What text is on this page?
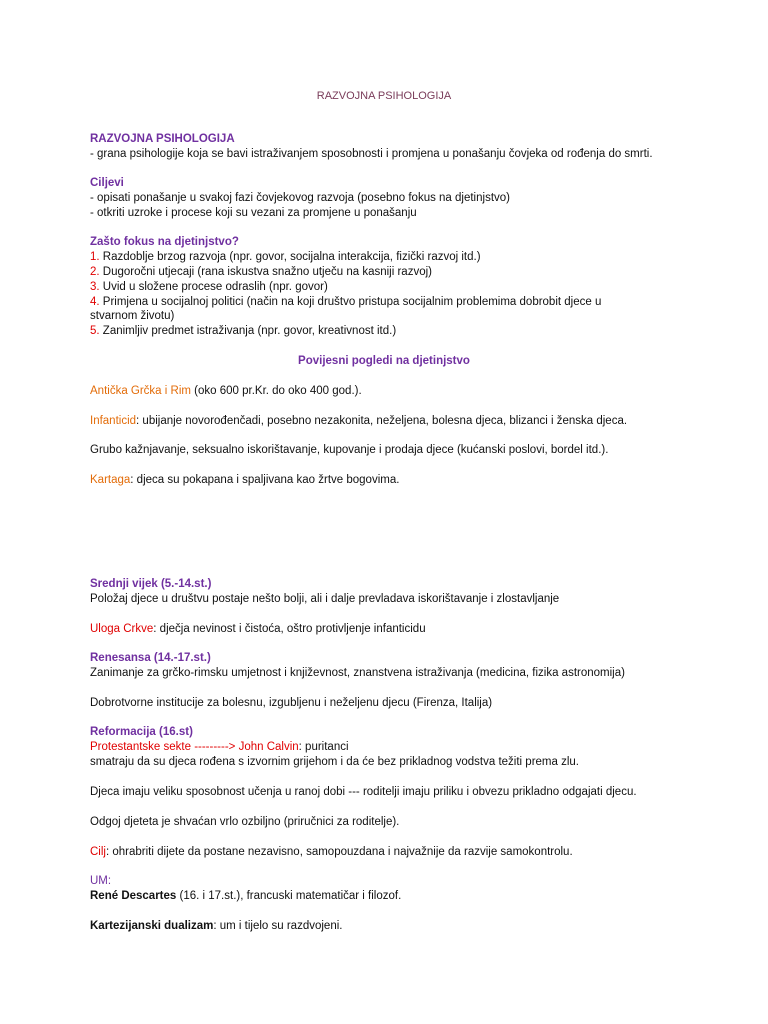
RAZVOJNA PSIHOLOGIJA
RAZVOJNA PSIHOLOGIJA
- grana psihologije koja se bavi istraživanjem sposobnosti i promjena u ponašanju čovjeka od rođenja do smrti.
Ciljevi
- opisati ponašanje u svakoj fazi čovjekovog razvoja (posebno fokus na djetinjstvo)
- otkriti uzroke i procese koji su vezani za promjene u ponašanju
Zašto fokus na djetinjstvo?
1. Razdoblje brzog razvoja (npr. govor, socijalna interakcija, fizički razvoj itd.)
2. Dugoročni utjecaji (rana iskustva snažno utječu na kasniji razvoj)
3. Uvid u složene procese odraslih (npr. govor)
4. Primjena u socijalnoj politici (način na koji društvo pristupa socijalnim problemima dobrobit djece u
stvarnom životu)
5. Zanimljiv predmet istraživanja (npr. govor, kreativnost itd.)
Povijesni pogledi na djetinjstvo
Antička Grčka i Rim (oko 600 pr.Kr. do oko 400 god.).
Infanticid: ubijanje novorođenčadi, posebno nezakonita, neželjena, bolesna djeca, blizanci i ženska djeca.
Grubo kažnjavanje, seksualno iskorištavanje, kupovanje i prodaja djece (kućanski poslovi, bordel itd.).
Kartaga: djeca su pokapana i spaljivana kao žrtve bogovima.
Srednji vijek (5.-14.st.)
Položaj djece u društvu postaje nešto bolji, ali i dalje prevladava iskorištavanje i zlostavljanje
Uloga Crkve: dječja nevinost i čistoća, oštro protivljenje infanticidu
Renesansa (14.-17.st.)
Zanimanje za grčko-rimsku umjetnost i književnost, znanstvena istraživanja (medicina, fizika astronomija)
Dobrotvorne institucije za bolesnu, izgubljenu i neželjenu djecu (Firenza, Italija)
Reformacija (16.st)
Protestantske sekte ---------> John Calvin: puritanci
smatraju da su djeca rođena s izvornim grijehom i da će bez prikladnog vodstva težiti prema zlu.
Djeca imaju veliku sposobnost učenja u ranoj dobi --- roditelji imaju priliku i obvezu prikladno odgajati djecu.
Odgoj djeteta je shvaćan vrlo ozbiljno (priručnici za roditelje).
Cilj: ohrabriti dijete da postane nezavisno, samopouzdana i najvažnije da razvije samokontrolu.
UM:
René Descartes (16. i 17.st.), francuski matematičar i filozof.
Kartezijanski dualizam: um i tijelo su razdvojeni.
